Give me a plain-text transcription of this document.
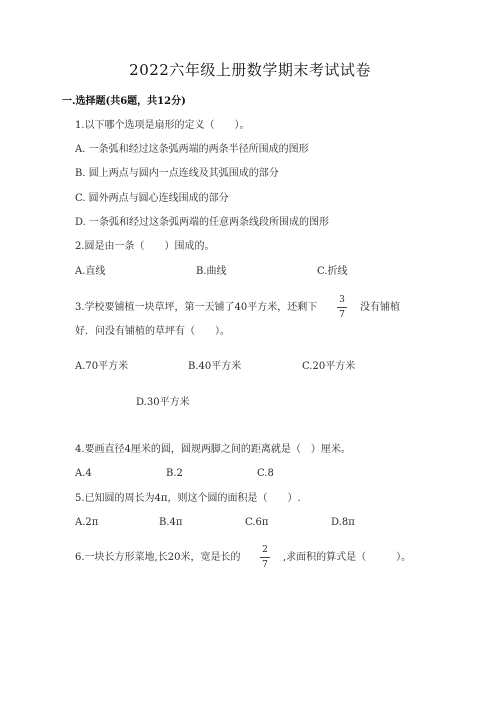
2022六年级上册数学期末考试试卷
一.选择题(共6题，共12分)
1.以下哪个选项是扇形的定义（　　）。
A. 一条弧和经过这条弧两端的两条半径所围成的图形
B. 圆上两点与圆内一点连线及其弧围成的部分
C. 圆外两点与圆心连线围成的部分
D. 一条弧和经过这条弧两端的任意两条线段所围成的图形
2.圆是由一条（　　）围成的。
A.直线	B.曲线	C.折线
3.学校要铺植一块草坪，第一天铺了40平方米，还剩下
3
7
没有铺植
好．问没有铺植的草坪有（　　）。
A.70平方米	B.40平方米	C.20平方米
D.30平方米
4.要画直径4厘米的圆，圆规两脚之间的距离就是（　）厘米。
A.4	B.2	C.8
5.已知圆的周长为4π，则这个圆的面积是（　　）.
A.2π	B.4π	C.6π	D.8π
6.一块长方形菜地,长20米，宽是长的
2
7
,求面积的算式是（　　　）。
